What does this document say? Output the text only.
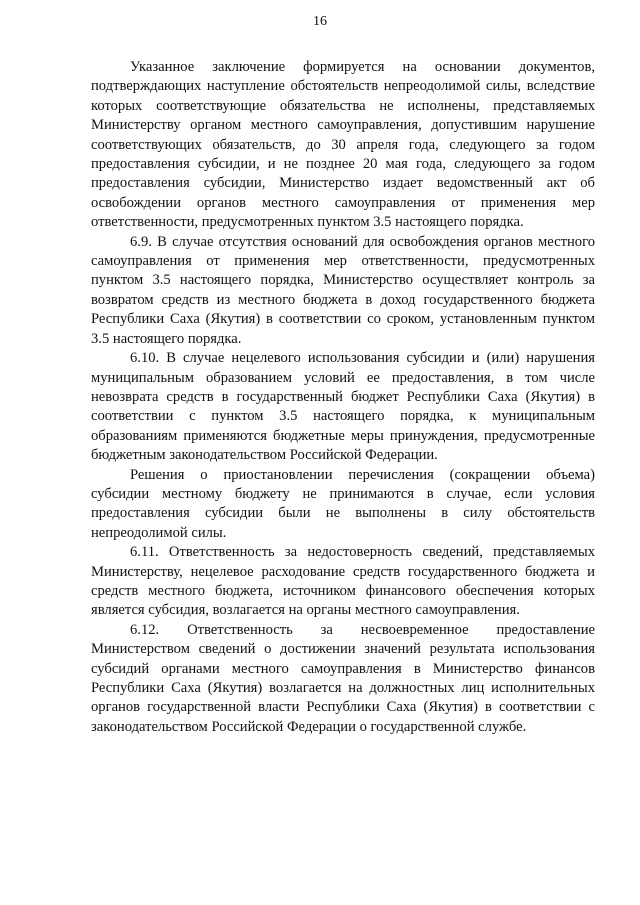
16

Указанное заключение формируется на основании документов, подтверждающих наступление обстоятельств непреодолимой силы, вследствие которых соответствующие обязательства не исполнены, представляемых Министерству органом местного самоуправления, допустившим нарушение соответствующих обязательств, до 30 апреля года, следующего за годом предоставления субсидии, и не позднее 20 мая года, следующего за годом предоставления субсидии, Министерство издает ведомственный акт об освобождении органов местного самоуправления от применения мер ответственности, предусмотренных пунктом 3.5 настоящего порядка.

6.9. В случае отсутствия оснований для освобождения органов местного самоуправления от применения мер ответственности, предусмотренных пунктом 3.5 настоящего порядка, Министерство осуществляет контроль за возвратом средств из местного бюджета в доход государственного бюджета Республики Саха (Якутия) в соответствии со сроком, установленным пунктом 3.5 настоящего порядка.

6.10. В случае нецелевого использования субсидии и (или) нарушения муниципальным образованием условий ее предоставления, в том числе невозврата средств в государственный бюджет Республики Саха (Якутия) в соответствии с пунктом 3.5 настоящего порядка, к муниципальным образованиям применяются бюджетные меры принуждения, предусмотренные бюджетным законодательством Российской Федерации.

Решения о приостановлении перечисления (сокращении объема) субсидии местному бюджету не принимаются в случае, если условия предоставления субсидии были не выполнены в силу обстоятельств непреодолимой силы.

6.11. Ответственность за недостоверность сведений, представляемых Министерству, нецелевое расходование средств государственного бюджета и средств местного бюджета, источником финансового обеспечения которых является субсидия, возлагается на органы местного самоуправления.

6.12. Ответственность за несвоевременное предоставление Министерством сведений о достижении значений результата использования субсидий органами местного самоуправления в Министерство финансов Республики Саха (Якутия) возлагается на должностных лиц исполнительных органов государственной власти Республики Саха (Якутия) в соответствии с законодательством Российской Федерации о государственной службе.
